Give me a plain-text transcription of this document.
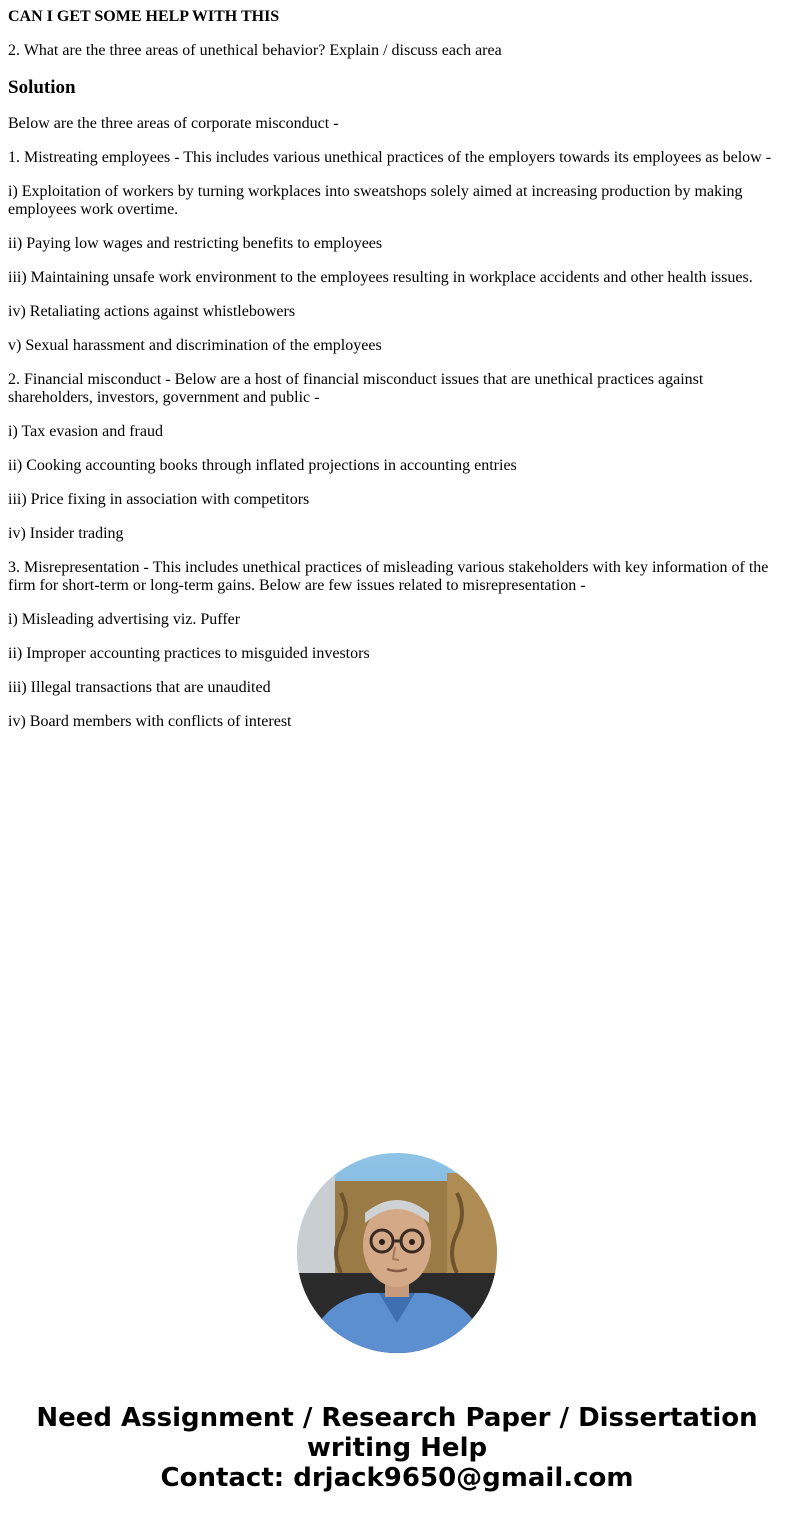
CAN I GET SOME HELP WITH THIS

2. What are the three areas of unethical behavior? Explain / discuss each area

Solution

Below are the three areas of corporate misconduct -

1. Mistreating employees - This includes various unethical practices of the employers towards its employees as below -

i) Exploitation of workers by turning workplaces into sweatshops solely aimed at increasing production by making employees work overtime.

ii) Paying low wages and restricting benefits to employees

iii) Maintaining unsafe work environment to the employees resulting in workplace accidents and other health issues.

iv) Retaliating actions against whistlebowers

v) Sexual harassment and discrimination of the employees

2. Financial misconduct - Below are a host of financial misconduct issues that are unethical practices against shareholders, investors, government and public -

i) Tax evasion and fraud

ii) Cooking accounting books through inflated projections in accounting entries

iii) Price fixing in association with competitors

iv) Insider trading

3. Misrepresentation - This includes unethical practices of misleading various stakeholders with key information of the firm for short-term or long-term gains. Below are few issues related to misrepresentation -

i) Misleading advertising viz. Puffer

ii) Improper accounting practices to misguided investors

iii) Illegal transactions that are unaudited

iv) Board members with conflicts of interest

Need Assignment / Research Paper / Dissertation
writing Help
Contact: drjack9650@gmail.com
